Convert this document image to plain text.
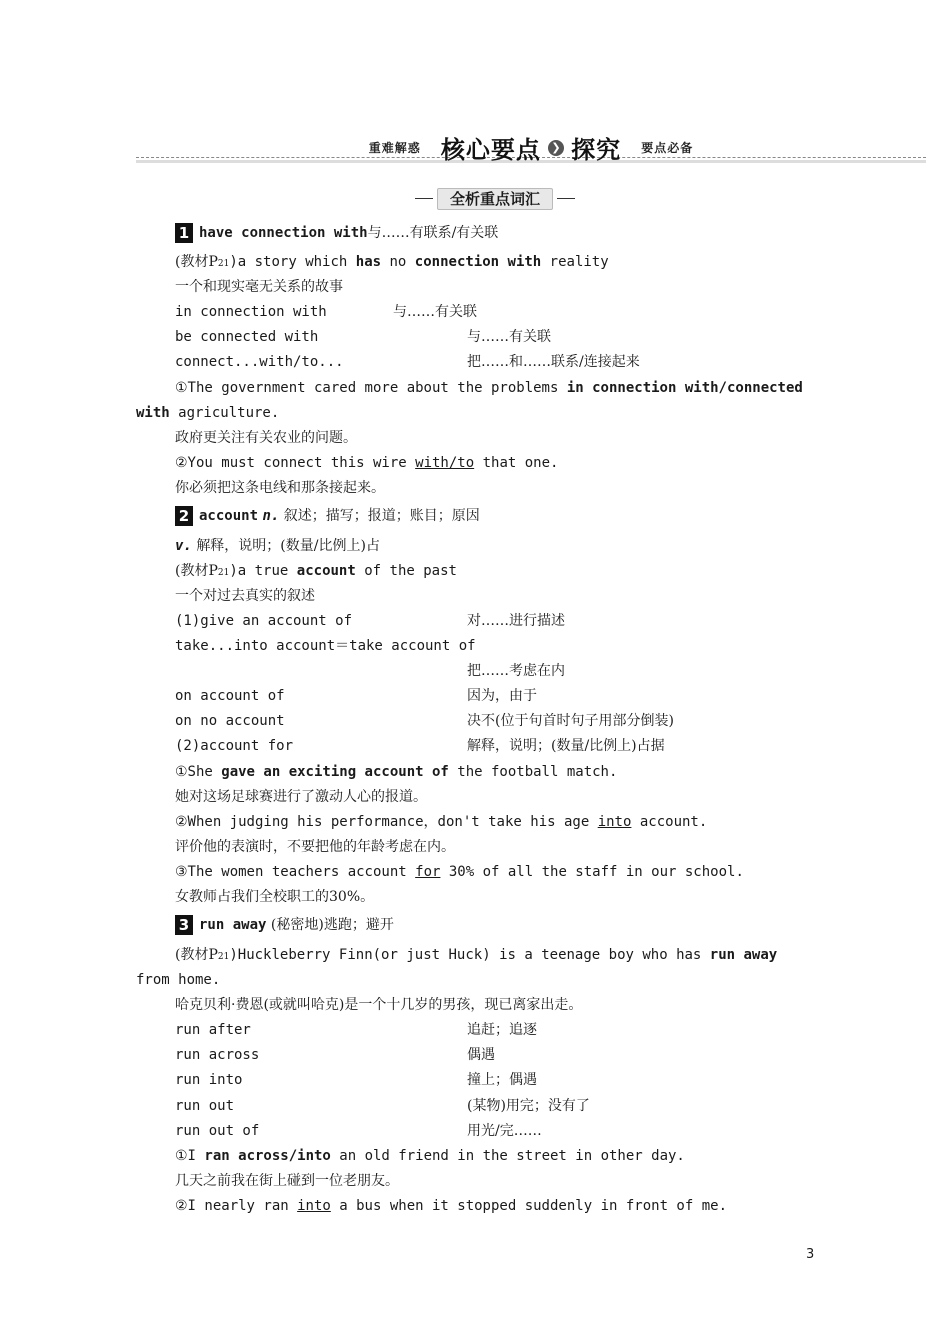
重难解惑 核心要点 ❯ 探究 要点必备
全析重点词汇
1 have connection with与……有联系/有关联
(教材P21)a story which has no connection with reality
一个和现实毫无关系的故事
in connection with	与……有关联
be connected with	与……有关联
connect...with/to...	把……和……联系/连接起来
①The government cared more about the problems in connection with/connected
with agriculture.
政府更关注有关农业的问题。
②You must connect this wire with/to that one.
你必须把这条电线和那条接起来。
2 account n. 叙述；描写；报道；账目；原因
v. 解释，说明；(数量/比例上)占
(教材P21)a true account of the past
一个对过去真实的叙述
(1)give an account of	对……进行描述
take...into account＝take account of
把……考虑在内
on account of	因为，由于
on no account	决不(位于句首时句子用部分倒装)
(2)account for	解释，说明；(数量/比例上)占据
①She gave an exciting account of the football match.
她对这场足球赛进行了激动人心的报道。
②When judging his performance，don't take his age into account.
评价他的表演时，不要把他的年龄考虑在内。
③The women teachers account for 30% of all the staff in our school.
女教师占我们全校职工的30%。
3 run away (秘密地)逃跑；避开
(教材P21)Huckleberry Finn(or just Huck) is a teenage boy who has run away
from home.
哈克贝利·费恩(或就叫哈克)是一个十几岁的男孩，现已离家出走。
run after	追赶；追逐
run across	偶遇
run into	撞上；偶遇
run out	(某物)用完；没有了
run out of	用光/完……
①I ran across/into an old friend in the street in other day.
几天之前我在街上碰到一位老朋友。
②I nearly ran into a bus when it stopped suddenly in front of me.
3
